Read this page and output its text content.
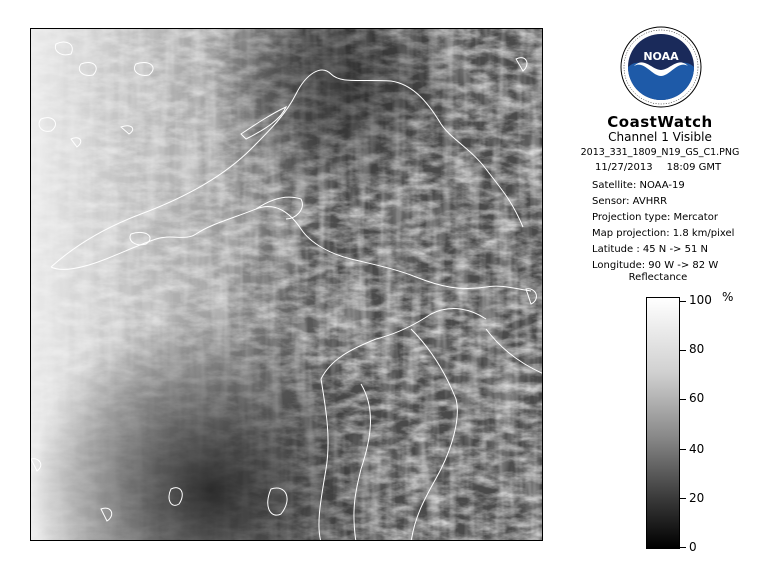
NOAA
CoastWatch
Channel 1 Visible
2013_331_1809_N19_GS_C1.PNG
11/27/2013 18:09 GMT
Satellite: NOAA-19
Sensor: AVHRR
Projection type: Mercator
Map projection: 1.8 km/pixel
Latitude : 45 N -> 51 N
Longitude: 90 W -> 82 W
Reflectance
%
100
80
60
40
20
0
